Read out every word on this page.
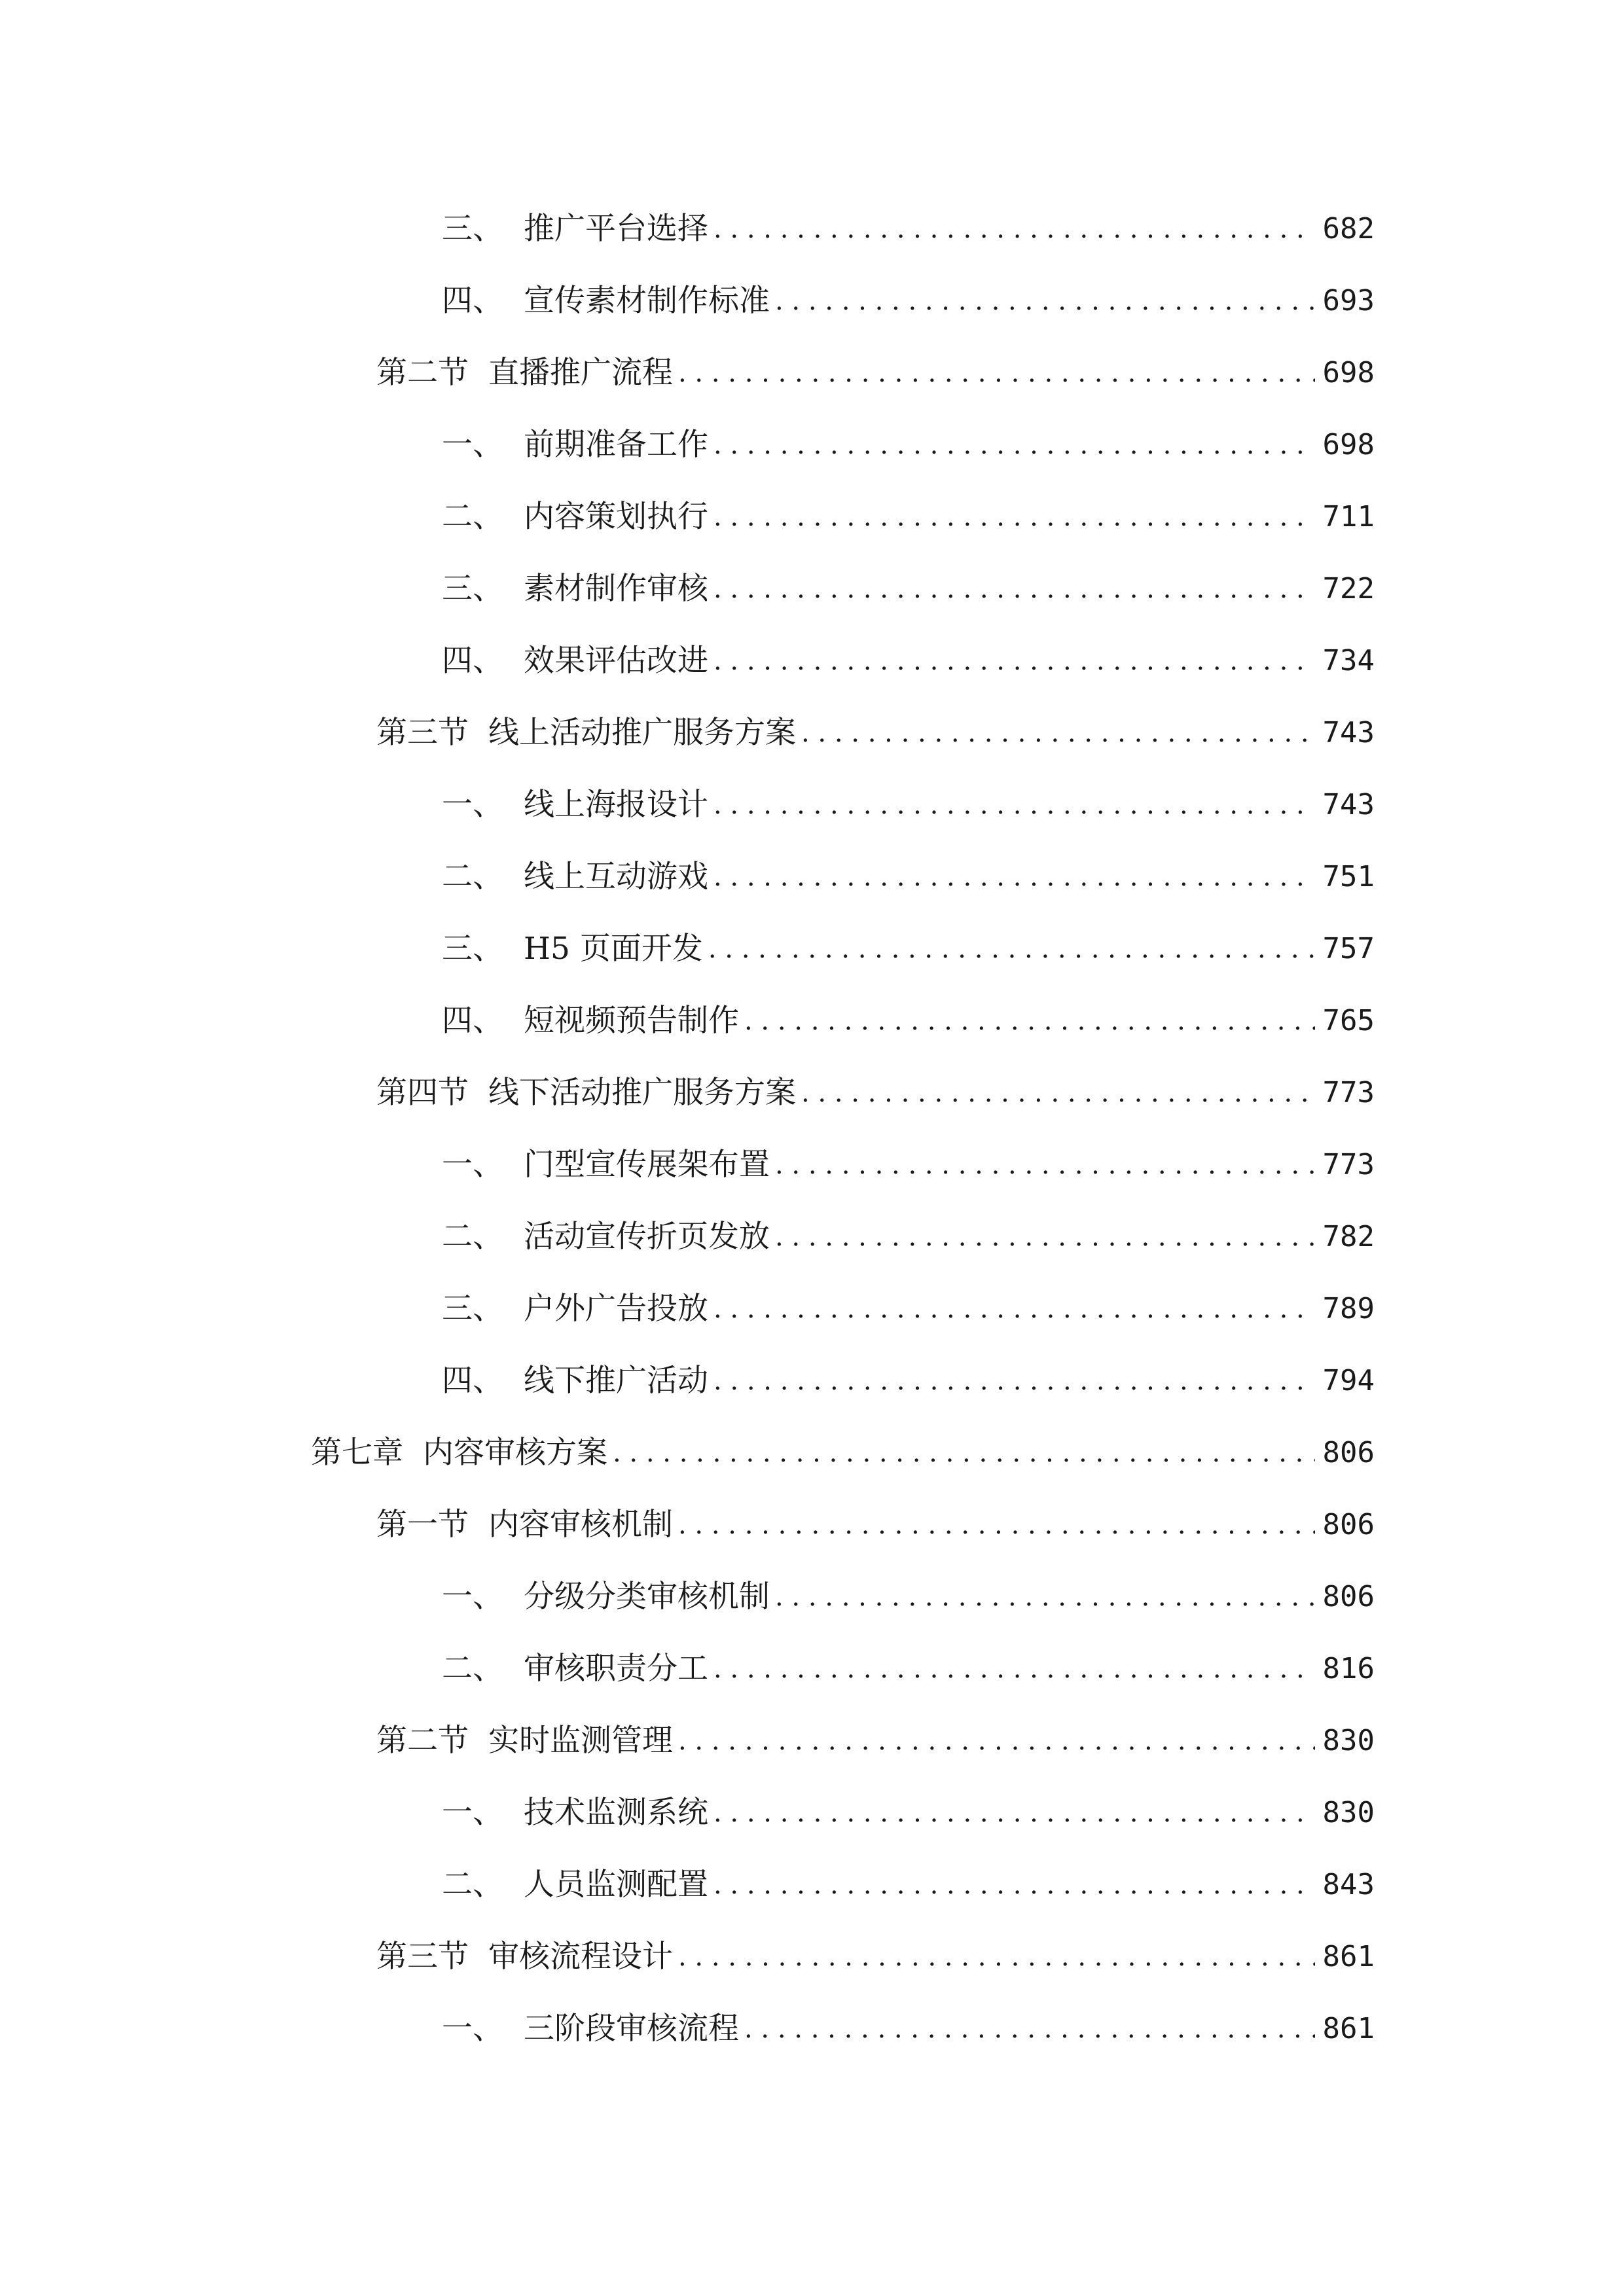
三、 推广平台选择 . . .	682
四、 宣传素材制作标准 . . .	693
第二节 直播推广流程 . . .	698
一、 前期准备工作 . . .	698
二、 内容策划执行 . . .	711
三、 素材制作审核 . . .	722
四、 效果评估改进 . . .	734
第三节 线上活动推广服务方案 . . .	743
一、 线上海报设计 . . .	743
二、 线上互动游戏 . . .	751
三、 H5 页面开发 . . .	757
四、 短视频预告制作 . . .	765
第四节 线下活动推广服务方案 . . .	773
一、 门型宣传展架布置 . . .	773
二、 活动宣传折页发放 . . .	782
三、 户外广告投放 . . .	789
四、 线下推广活动 . . .	794
第七章 内容审核方案 . . .	806
第一节 内容审核机制 . . .	806
一、 分级分类审核机制 . . .	806
二、 审核职责分工 . . .	816
第二节 实时监测管理 . . .	830
一、 技术监测系统 . . .	830
二、 人员监测配置 . . .	843
第三节 审核流程设计 . . .	861
一、 三阶段审核流程 . . .	861
